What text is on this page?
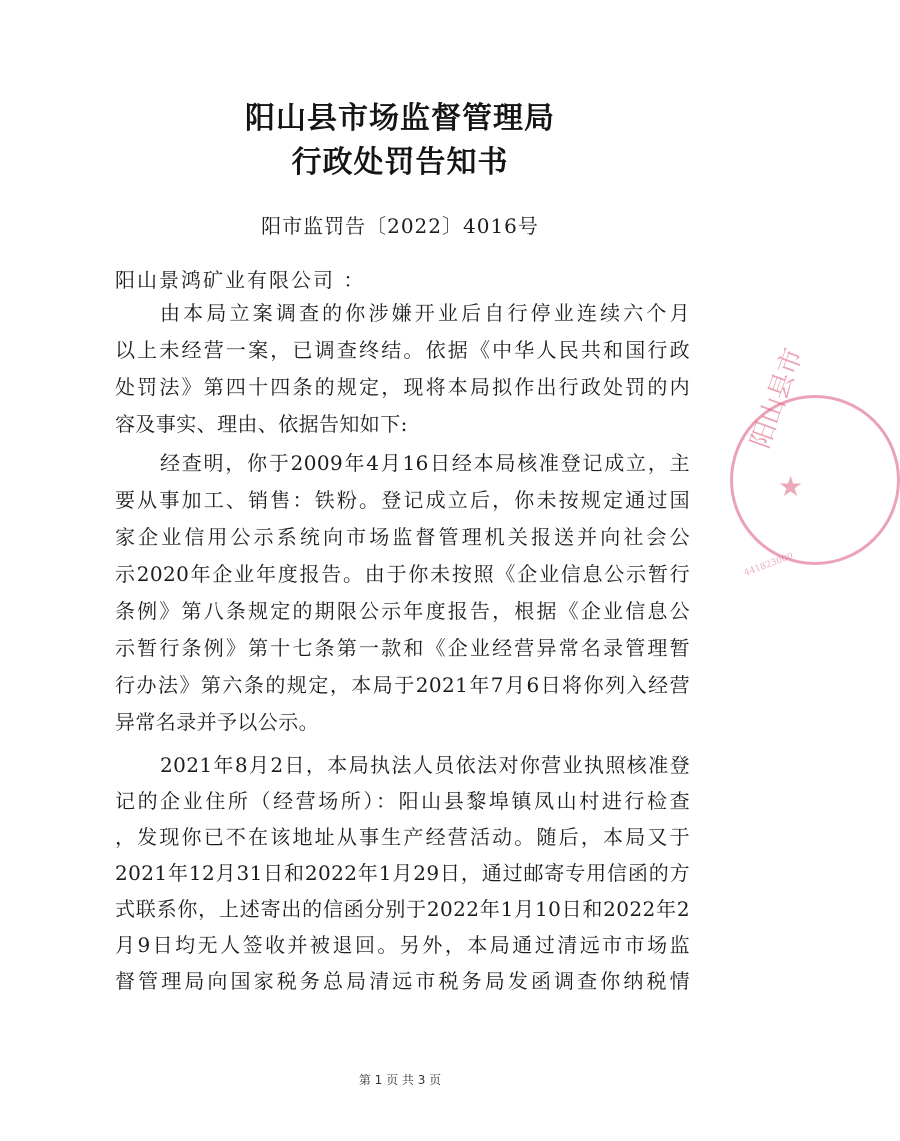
阳山县市场监督管理局
行政处罚告知书
阳市监罚告〔2022〕4016号
阳山景鸿矿业有限公司 ：
由本局立案调查的你涉嫌开业后自行停业连续六个月
以上未经营一案，已调查终结。依据《中华人民共和国行政
处罚法》第四十四条的规定，现将本局拟作出行政处罚的内
容及事实、理由、依据告知如下:
经查明，你于2009年4月16日经本局核准登记成立，主
要从事加工、销售：铁粉。登记成立后，你未按规定通过国
家企业信用公示系统向市场监督管理机关报送并向社会公
示2020年企业年度报告。由于你未按照《企业信息公示暂行
条例》第八条规定的期限公示年度报告，根据《企业信息公
示暂行条例》第十七条第一款和《企业经营异常名录管理暂
行办法》第六条的规定，本局于2021年7月6日将你列入经营
异常名录并予以公示。
2021年8月2日，本局执法人员依法对你营业执照核准登
记的企业住所（经营场所）：阳山县黎埠镇凤山村进行检查
，发现你已不在该地址从事生产经营活动。随后，本局又于
2021年12月31日和2022年1月29日，通过邮寄专用信函的方
式联系你，上述寄出的信函分别于2022年1月10日和2022年2
月9日均无人签收并被退回。另外，本局通过清远市市场监
督管理局向国家税务总局清远市税务局发函调查你纳税情
第 1 页 共 3 页
阳山县市
★
441823000
